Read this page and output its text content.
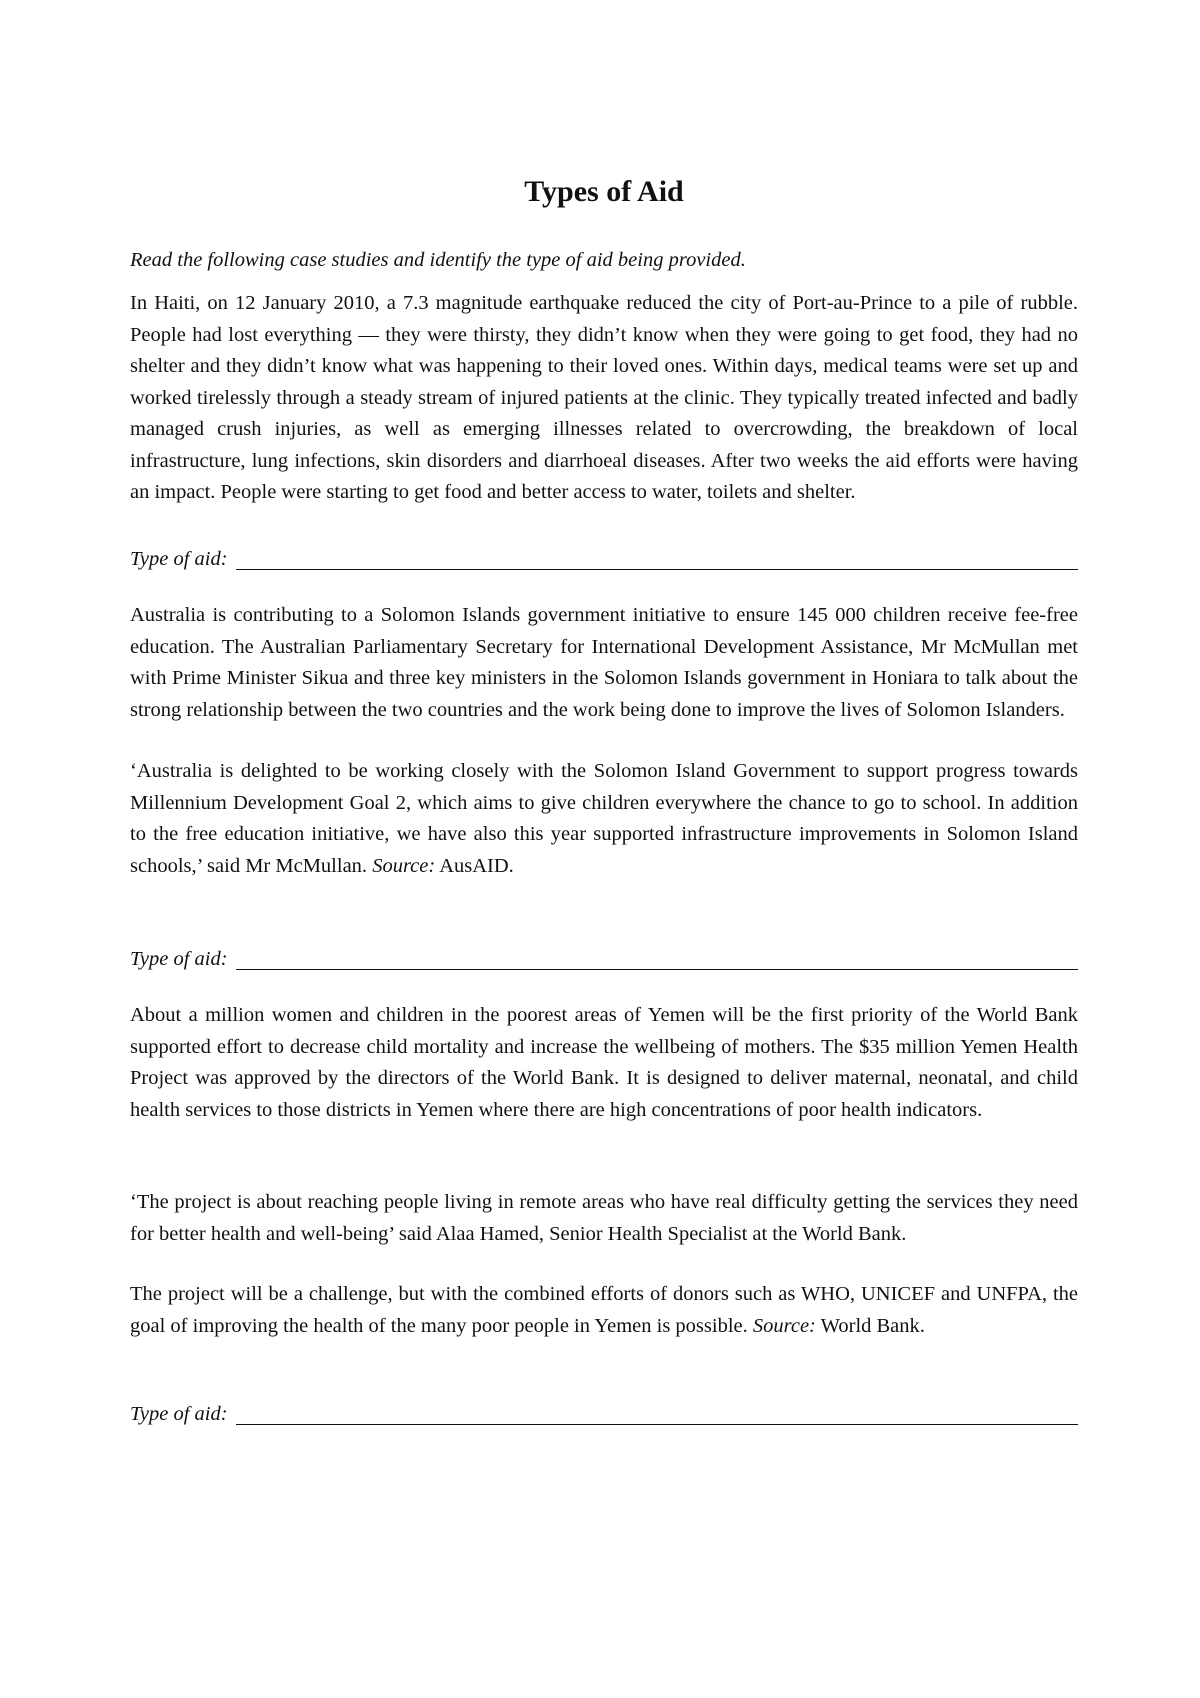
Types of Aid

Read the following case studies and identify the type of aid being provided.

In Haiti, on 12 January 2010, a 7.3 magnitude earthquake reduced the city of Port-au-Prince to a pile of rubble. People had lost everything — they were thirsty, they didn’t know when they were going to get food, they had no shelter and they didn’t know what was happening to their loved ones. Within days, medical teams were set up and worked tirelessly through a steady stream of injured patients at the clinic. They typically treated infected and badly managed crush injuries, as well as emerging illnesses related to overcrowding, the breakdown of local infrastructure, lung infections, skin disorders and diarrhoeal diseases. After two weeks the aid efforts were having an impact. People were starting to get food and better access to water, toilets and shelter.

Type of aid:

Australia is contributing to a Solomon Islands government initiative to ensure 145 000 children receive fee-free education. The Australian Parliamentary Secretary for International Development Assistance, Mr McMullan met with Prime Minister Sikua and three key ministers in the Solomon Islands government in Honiara to talk about the strong relationship between the two countries and the work being done to improve the lives of Solomon Islanders.

‘Australia is delighted to be working closely with the Solomon Island Government to support progress towards Millennium Development Goal 2, which aims to give children everywhere the chance to go to school. In addition to the free education initiative, we have also this year supported infrastructure improvements in Solomon Island schools,’ said Mr McMullan. Source: AusAID.

Type of aid:

About a million women and children in the poorest areas of Yemen will be the first priority of the World Bank supported effort to decrease child mortality and increase the wellbeing of mothers. The $35 million Yemen Health Project was approved by the directors of the World Bank. It is designed to deliver maternal, neonatal, and child health services to those districts in Yemen where there are high concentrations of poor health indicators.

‘The project is about reaching people living in remote areas who have real difficulty getting the services they need for better health and well-being’ said Alaa Hamed, Senior Health Specialist at the World Bank.

The project will be a challenge, but with the combined efforts of donors such as WHO, UNICEF and UNFPA, the goal of improving the health of the many poor people in Yemen is possible. Source: World Bank.

Type of aid:
